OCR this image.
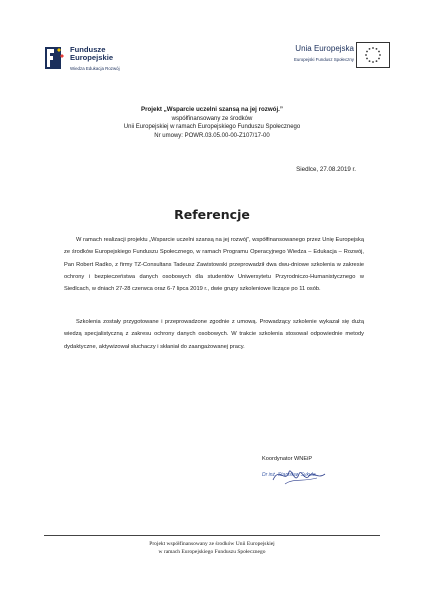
Fundusze
Europejskie
Wiedza Edukacja Rozwój
Unia Europejska
Europejski Fundusz Społeczny
Projekt „Wsparcie uczelni szansą na jej rozwój.”
współfinansowany ze środków
Unii Europejskiej w ramach Europejskiego Funduszu Społecznego
Nr umowy: POWR.03.05.00-00-Z107/17-00
Siedlce, 27.08.2019 r.
Referencje
W ramach realizacji projektu „Wsparcie uczelni szansą na jej rozwój”, współfinansowanego przez Unię Europejską ze środków Europejskiego Funduszu Społecznego, w ramach Programu Operacyjnego Wiedza – Edukacja – Rozwój, Pan Robert Radko, z firmy TZ-Consultans Tadeusz Zawistowski przeprowadził dwa dwu-dniowe szkolenia w zakresie ochrony i bezpieczeństwa danych osobowych dla studentów Uniwersytetu Przyrodniczo-Humanistycznego w Siedlcach, w dniach 27-28 czerwca oraz 6-7 lipca 2019 r., dwie grupy szkoleniowe liczące po 11 osób.
Szkolenia zostały przygotowane i przeprowadzone zgodnie z umową. Prowadzący szkolenie wykazał się dużą wiedzą specjalistyczną z zakresu ochrony danych osobowych. W trakcie szkolenia stosował odpowiednie metody dydaktyczne, aktywizował słuchaczy i skłaniał do zaangażowanej pracy.
Koordynator WNEiP
Dr inż. Stanisław Sykuła
Projekt współfinansowany ze środków Unii Europejskiej
w ramach Europejskiego Funduszu Społecznego
